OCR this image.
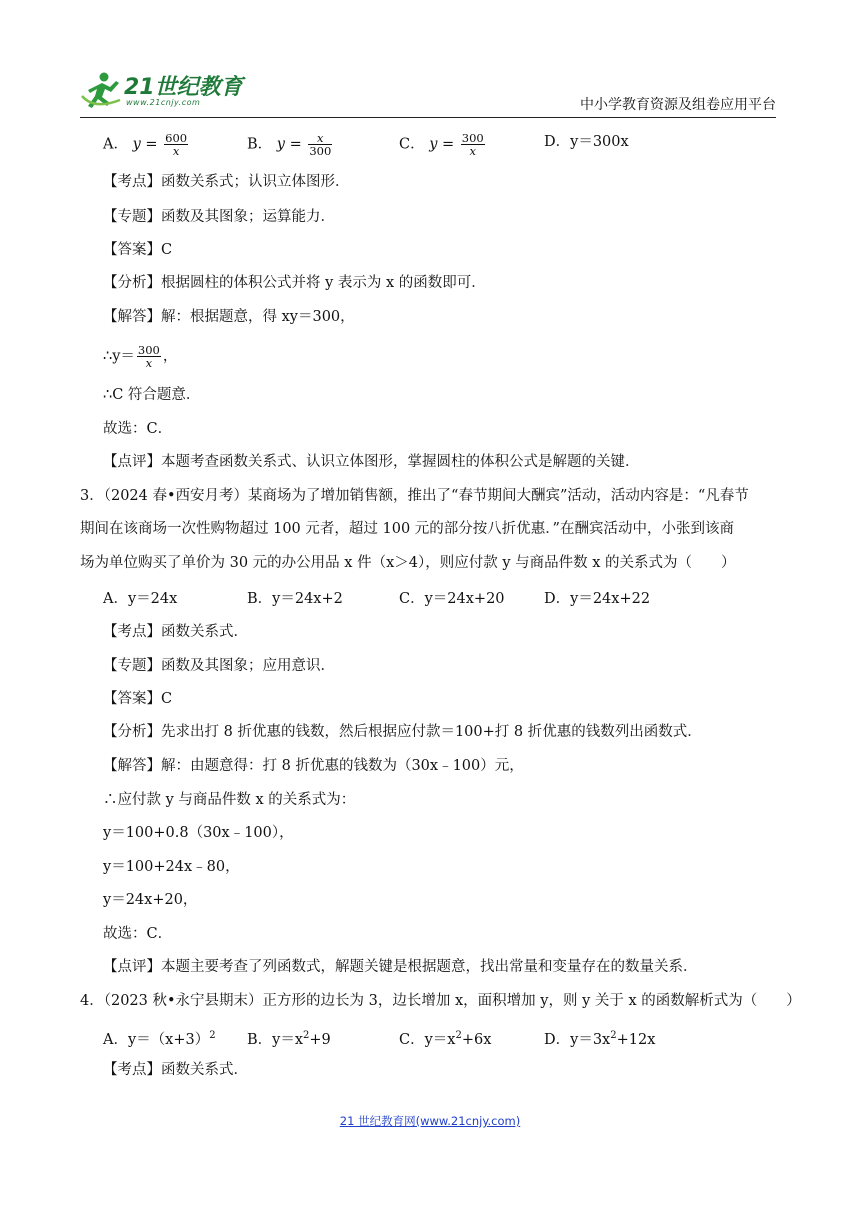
21世纪教育
www.21cnjy.com	中小学教育资源及组卷应用平台
A． $y = \frac{600}{x}$	B． $y = \frac{x}{300}$	C． $y = \frac{300}{x}$	D．y＝300x
【考点】函数关系式；认识立体图形．
【专题】函数及其图象；运算能力．
【答案】C
【分析】根据圆柱的体积公式并将 y 表示为 x 的函数即可．
【解答】解：根据题意，得 xy＝300，
∴y＝ $\frac{300}{x}$ ，
∴C 符合题意．
故选：C．
【点评】本题考查函数关系式、认识立体图形，掌握圆柱的体积公式是解题的关键．
3．（2024 春•西安月考）某商场为了增加销售额，推出了“春节期间大酬宾”活动，活动内容是：“凡春节
期间在该商场一次性购物超过 100 元者，超过 100 元的部分按八折优惠．”在酬宾活动中，小张到该商
场为单位购买了单价为 30 元的办公用品 x 件（x＞4），则应付款 y 与商品件数 x 的关系式为（　　）
A．y＝24x	B．y＝24x+2	C．y＝24x+20	D．y＝24x+22
【考点】函数关系式．
【专题】函数及其图象；应用意识．
【答案】C
【分析】先求出打 8 折优惠的钱数，然后根据应付款＝100+打 8 折优惠的钱数列出函数式．
【解答】解：由题意得：打 8 折优惠的钱数为（30x﹣100）元，
∴应付款 y 与商品件数 x 的关系式为：
y＝100+0.8（30x﹣100），
y＝100+24x﹣80，
y＝24x+20，
故选：C．
【点评】本题主要考查了列函数式，解题关键是根据题意，找出常量和变量存在的数量关系．
4．（2023 秋•永宁县期末）正方形的边长为 3，边长增加 x，面积增加 y，则 y 关于 x 的函数解析式为（　　）
A．$y=(x+3)^2$ B．$y=x^2+9$	C．$y=x^2+6x$	D．$y=3x^2+12x$
【考点】函数关系式．
21 世纪教育网(www.21cnjy.com)
